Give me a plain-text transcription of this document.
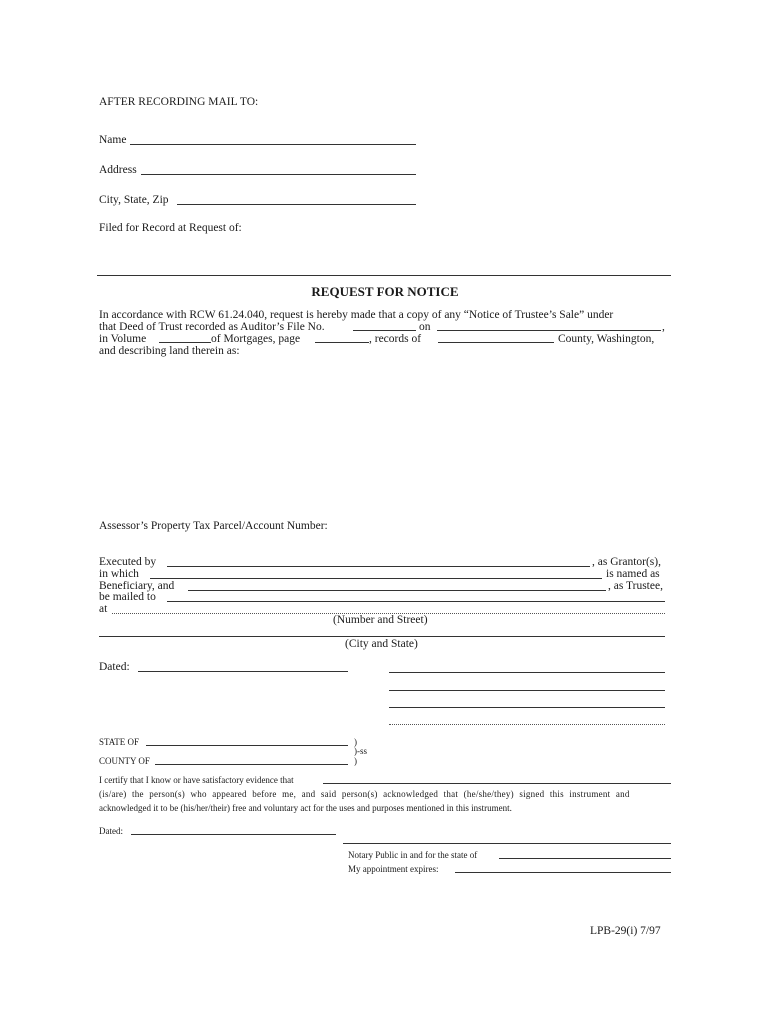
AFTER RECORDING MAIL TO:
Name
Address
City, State, Zip
Filed for Record at Request of:
REQUEST FOR NOTICE
In accordance with RCW 61.24.040, request is hereby made that a copy of any “Notice of Trustee’s Sale” under
that Deed of Trust recorded as Auditor’s File No.	on	,
in Volume	of Mortgages, page	, records of	County, Washington,
and describing land therein as:
Assessor’s Property Tax Parcel/Account Number:
Executed by	, as Grantor(s),
in which	is named as
Beneficiary, and	, as Trustee,
be mailed to
at
(Number and Street)
(City and State)
Dated:
STATE OF	)
)-ss
COUNTY OF	)
I certify that I know or have satisfactory evidence that
(is/are) the person(s) who appeared before me, and said person(s) acknowledged that (he/she/they) signed this instrument and
acknowledged it to be (his/her/their) free and voluntary act for the uses and purposes mentioned in this instrument.
Dated:
Notary Public in and for the state of
My appointment expires:
LPB-29(i) 7/97
